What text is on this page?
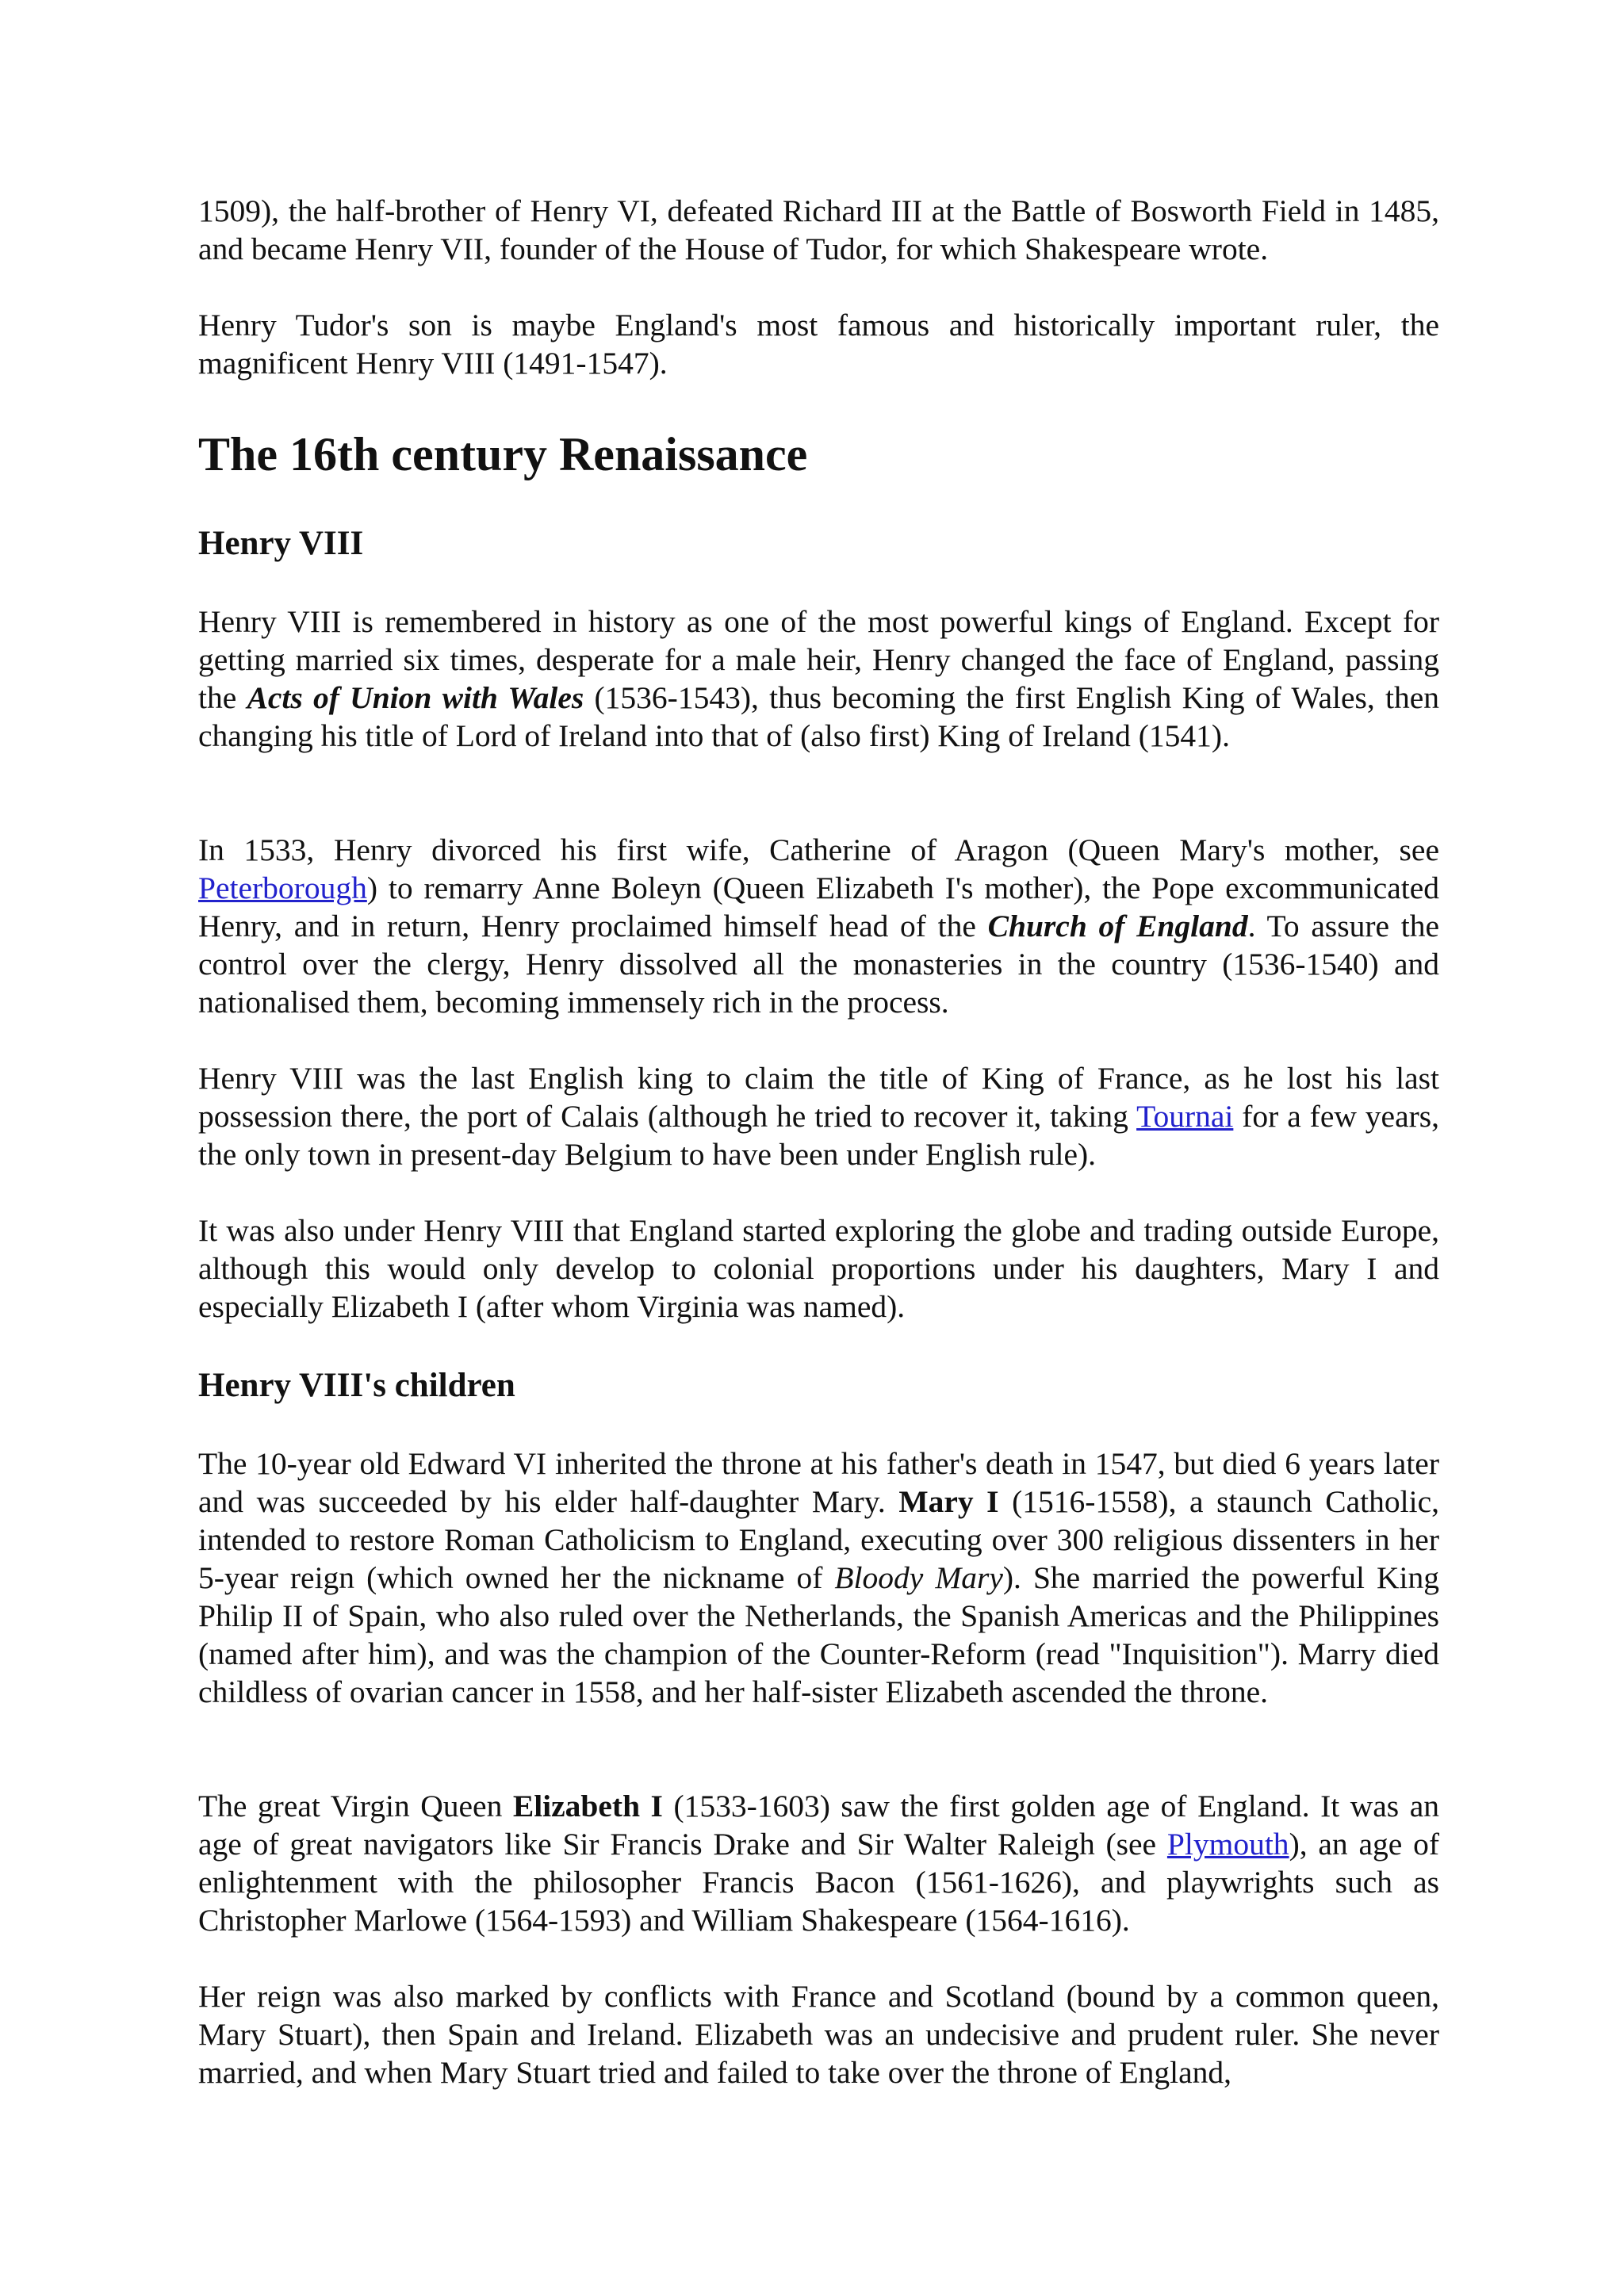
1509), the half-brother of Henry VI, defeated Richard III at the Battle of Bosworth Field in 1485, and became Henry VII, founder of the House of Tudor, for which Shakespeare wrote.

Henry Tudor's son is maybe England's most famous and historically important ruler, the magnificent Henry VIII (1491-1547).

The 16th century Renaissance
Henry VIII

Henry VIII is remembered in history as one of the most powerful kings of England. Except for getting married six times, desperate for a male heir, Henry changed the face of England, passing the Acts of Union with Wales (1536-1543), thus becoming the first English King of Wales, then changing his title of Lord of Ireland into that of (also first) King of Ireland (1541).

In 1533, Henry divorced his first wife, Catherine of Aragon (Queen Mary's mother, see Peterborough) to remarry Anne Boleyn (Queen Elizabeth I's mother), the Pope excommunicated Henry, and in return, Henry proclaimed himself head of the Church of England. To assure the control over the clergy, Henry dissolved all the monasteries in the country (1536-1540) and nationalised them, becoming immensely rich in the process.

Henry VIII was the last English king to claim the title of King of France, as he lost his last possession there, the port of Calais (although he tried to recover it, taking Tournai for a few years, the only town in present-day Belgium to have been under English rule).

It was also under Henry VIII that England started exploring the globe and trading outside Europe, although this would only develop to colonial proportions under his daughters, Mary I and especially Elizabeth I (after whom Virginia was named).

Henry VIII's children

The 10-year old Edward VI inherited the throne at his father's death in 1547, but died 6 years later and was succeeded by his elder half-daughter Mary. Mary I (1516-1558), a staunch Catholic, intended to restore Roman Catholicism to England, executing over 300 religious dissenters in her 5-year reign (which owned her the nickname of Bloody Mary). She married the powerful King Philip II of Spain, who also ruled over the Netherlands, the Spanish Americas and the Philippines (named after him), and was the champion of the Counter-Reform (read "Inquisition"). Marry died childless of ovarian cancer in 1558, and her half-sister Elizabeth ascended the throne.

The great Virgin Queen Elizabeth I (1533-1603) saw the first golden age of England. It was an age of great navigators like Sir Francis Drake and Sir Walter Raleigh (see Plymouth), an age of enlightenment with the philosopher Francis Bacon (1561-1626), and playwrights such as Christopher Marlowe (1564-1593) and William Shakespeare (1564-1616).

Her reign was also marked by conflicts with France and Scotland (bound by a common queen, Mary Stuart), then Spain and Ireland. Elizabeth was an undecisive and prudent ruler. She never married, and when Mary Stuart tried and failed to take over the throne of England,
